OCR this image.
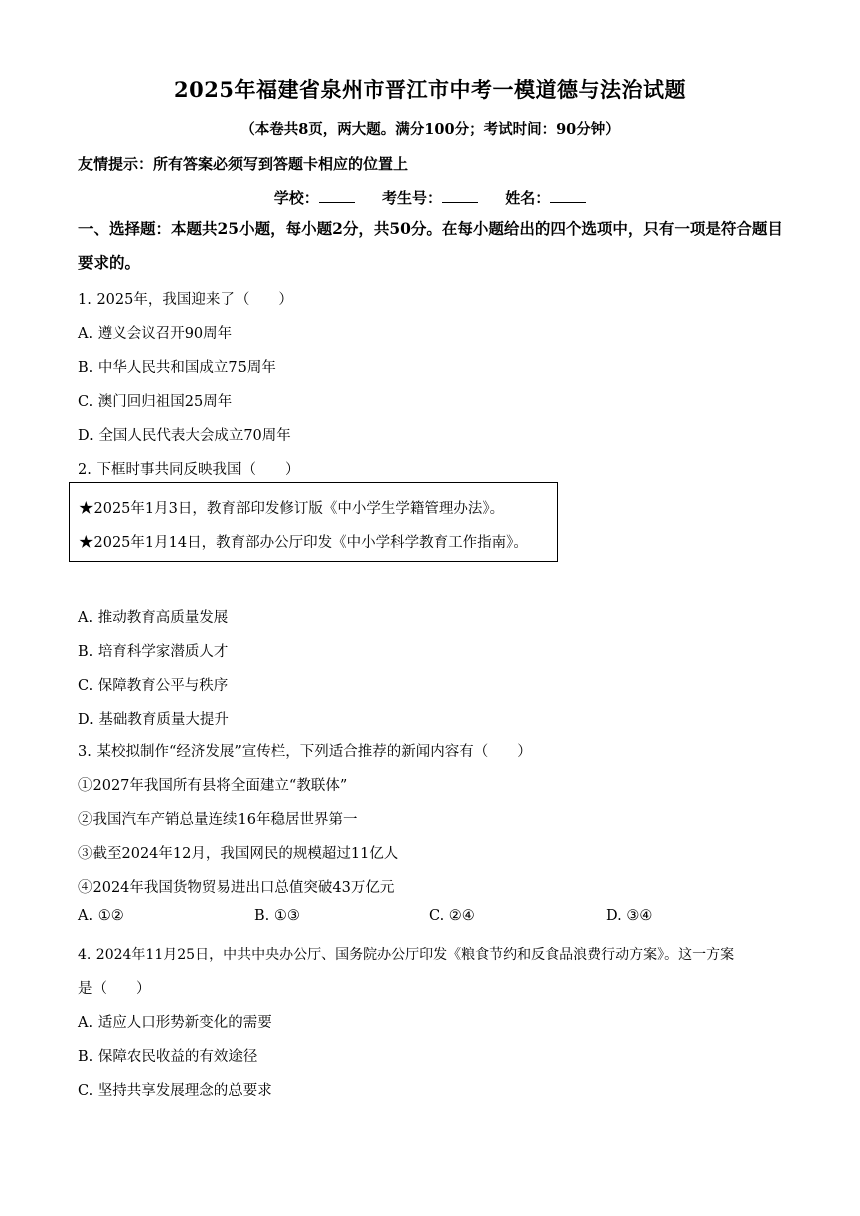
2025年福建省泉州市晋江市中考一模道德与法治试题
（本卷共8页，两大题。满分100分；考试时间：90分钟）
友情提示：所有答案必须写到答题卡相应的位置上
学校：	考生号：	姓名：
一、选择题：本题共25小题，每小题2分，共50分。在每小题给出的四个选项中，只有一项是符合题目要求的。
1. 2025年，我国迎来了（　　）
A. 遵义会议召开90周年
B. 中华人民共和国成立75周年
C. 澳门回归祖国25周年
D. 全国人民代表大会成立70周年
2. 下框时事共同反映我国（　　）
★2025年1月3日，教育部印发修订版《中小学生学籍管理办法》。
★2025年1月14日，教育部办公厅印发《中小学科学教育工作指南》。
A. 推动教育高质量发展
B. 培育科学家潜质人才
C. 保障教育公平与秩序
D. 基础教育质量大提升
3. 某校拟制作“经济发展”宣传栏，下列适合推荐的新闻内容有（　　）
①2027年我国所有县将全面建立“教联体”
②我国汽车产销总量连续16年稳居世界第一
③截至2024年12月，我国网民的规模超过11亿人
④2024年我国货物贸易进出口总值突破43万亿元
A. ①②	B. ①③	C. ②④	D. ③④
4. 2024年11月25日，中共中央办公厅、国务院办公厅印发《粮食节约和反食品浪费行动方案》。这一方案
是（　　）
A. 适应人口形势新变化的需要
B. 保障农民收益的有效途径
C. 坚持共享发展理念的总要求
